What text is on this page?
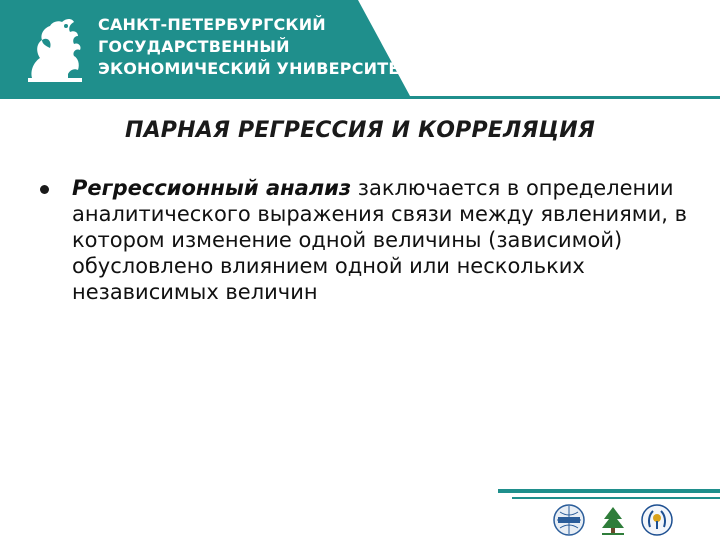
САНКТ-ПЕТЕРБУРГСКИЙ
ГОСУДАРСТВЕННЫЙ
ЭКОНОМИЧЕСКИЙ УНИВЕРСИТЕТ
ПАРНАЯ РЕГРЕССИЯ И КОРРЕЛЯЦИЯ
Регрессионный анализ заключается в определении аналитического выражения связи между явлениями, в котором изменение одной величины (зависимой) обусловлено влиянием одной или нескольких независимых величин
